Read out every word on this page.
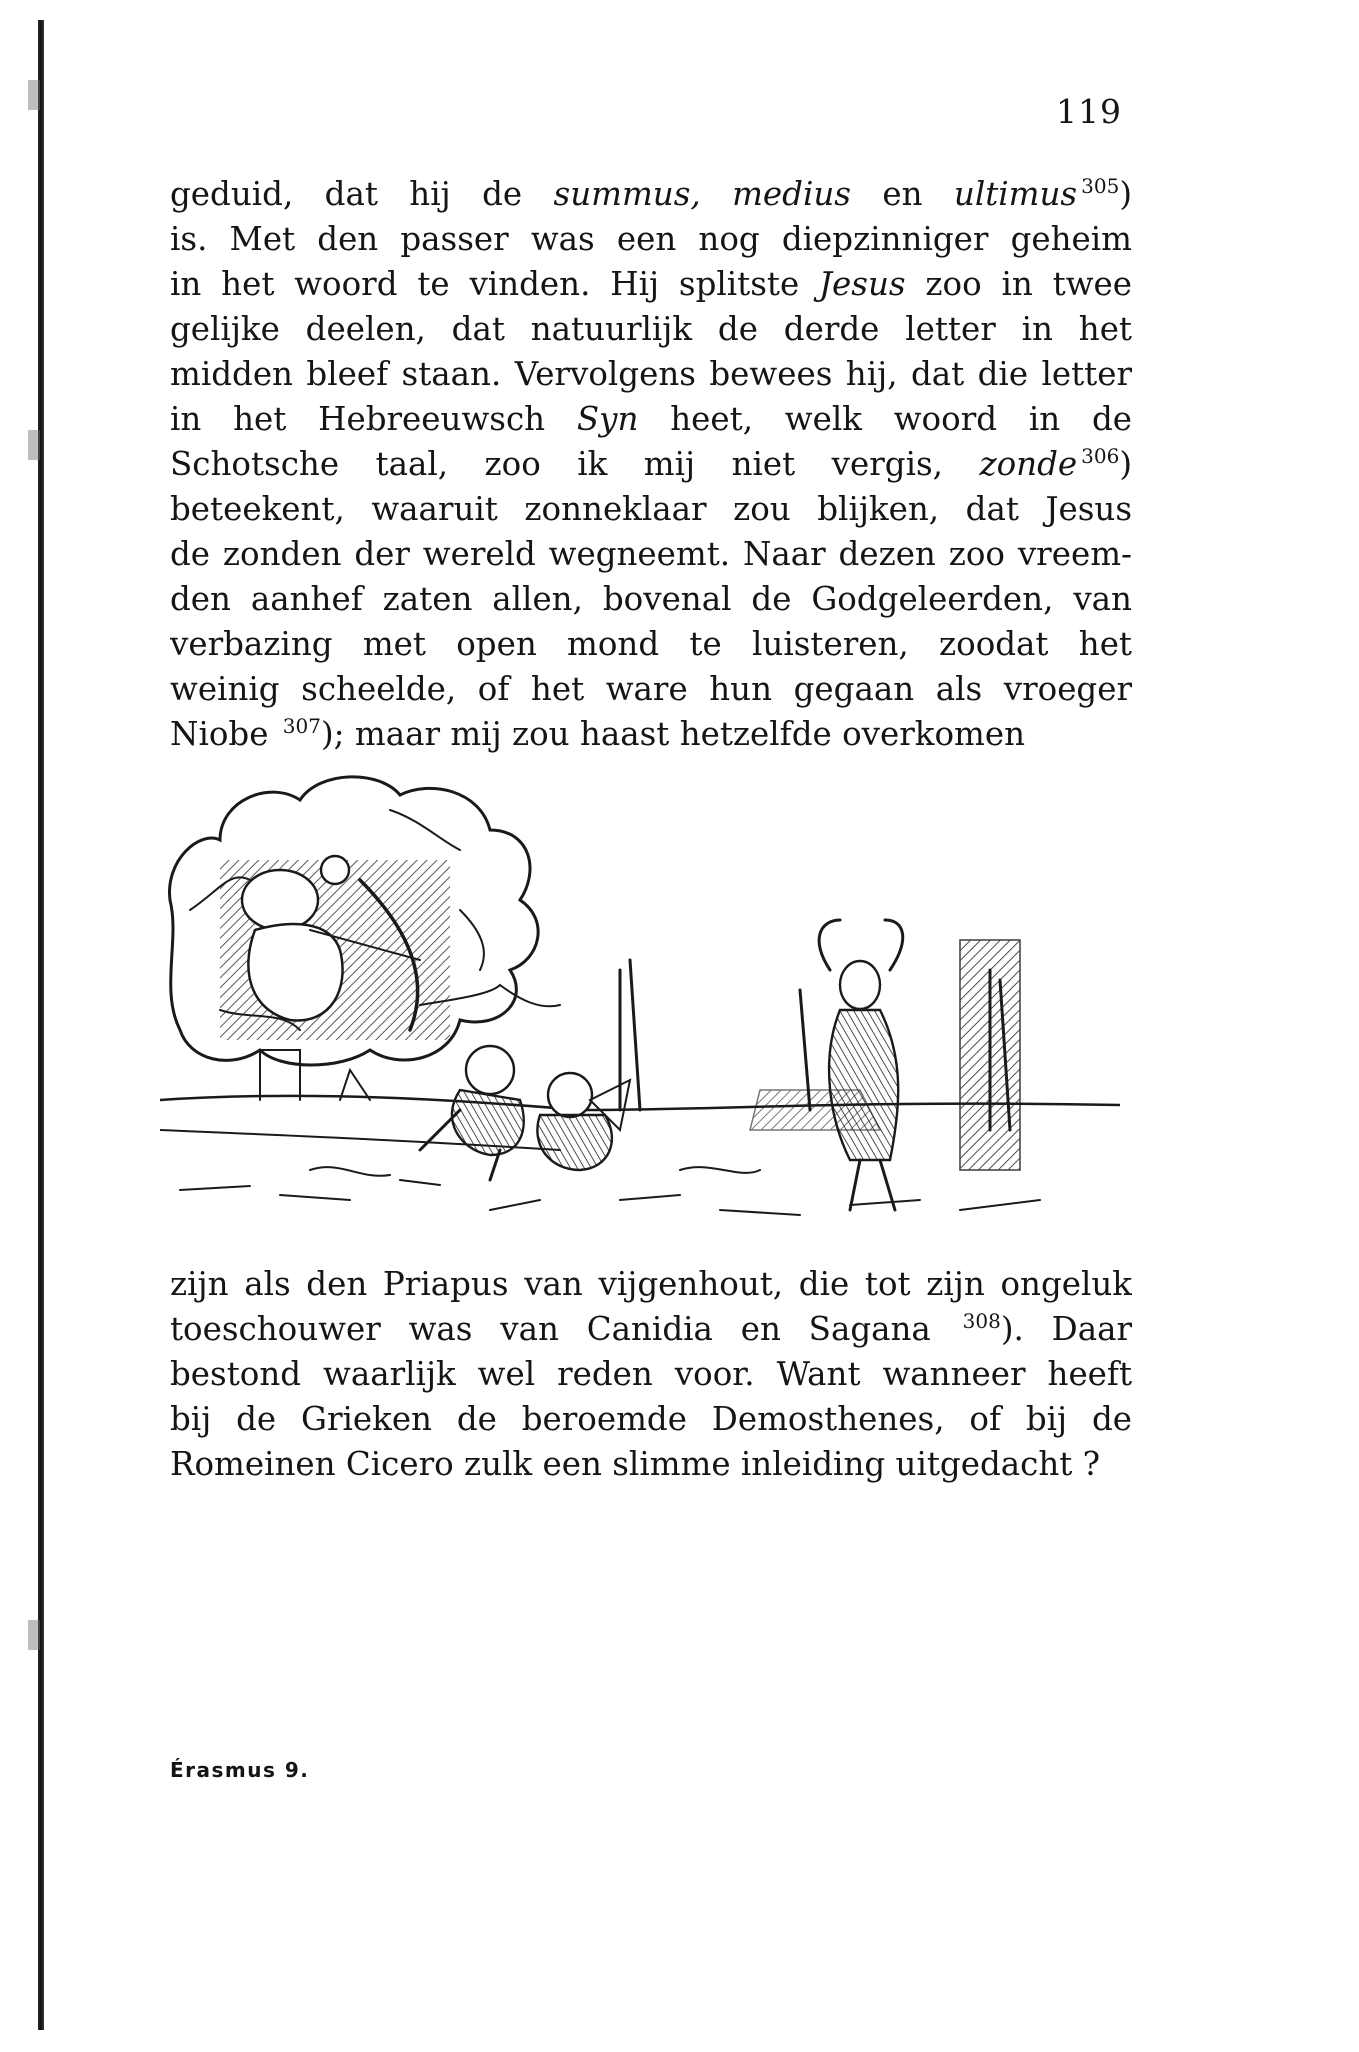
119
geduid, dat hij de summus, medius en ultimus $^{305}$)
is. Met den passer was een nog diepzinniger geheim
in het woord te vinden. Hij splitste Jesus zoo in twee
gelijke deelen, dat natuurlijk de derde letter in het
midden bleef staan. Vervolgens bewees hij, dat die letter
in het Hebreeuwsch Syn heet, welk woord in de
Schotsche taal, zoo ik mij niet vergis, zonde $^{306}$)
beteekent, waaruit zonneklaar zou blijken, dat Jesus
de zonden der wereld wegneemt. Naar dezen zoo vreem-
den aanhef zaten allen, bovenal de Godgeleerden, van
verbazing met open mond te luisteren, zoodat het
weinig scheelde, of het ware hun gegaan als vroeger
Niobe $^{307}$); maar mij zou haast hetzelfde overkomen
zijn als den Priapus van vijgenhout, die tot zijn ongeluk
toeschouwer was van Canidia en Sagana $^{308}$). Daar
bestond waarlijk wel reden voor. Want wanneer heeft
bij de Grieken de beroemde Demosthenes, of bij de
Romeinen Cicero zulk een slimme inleiding uitgedacht ?
Érasmus 9.
